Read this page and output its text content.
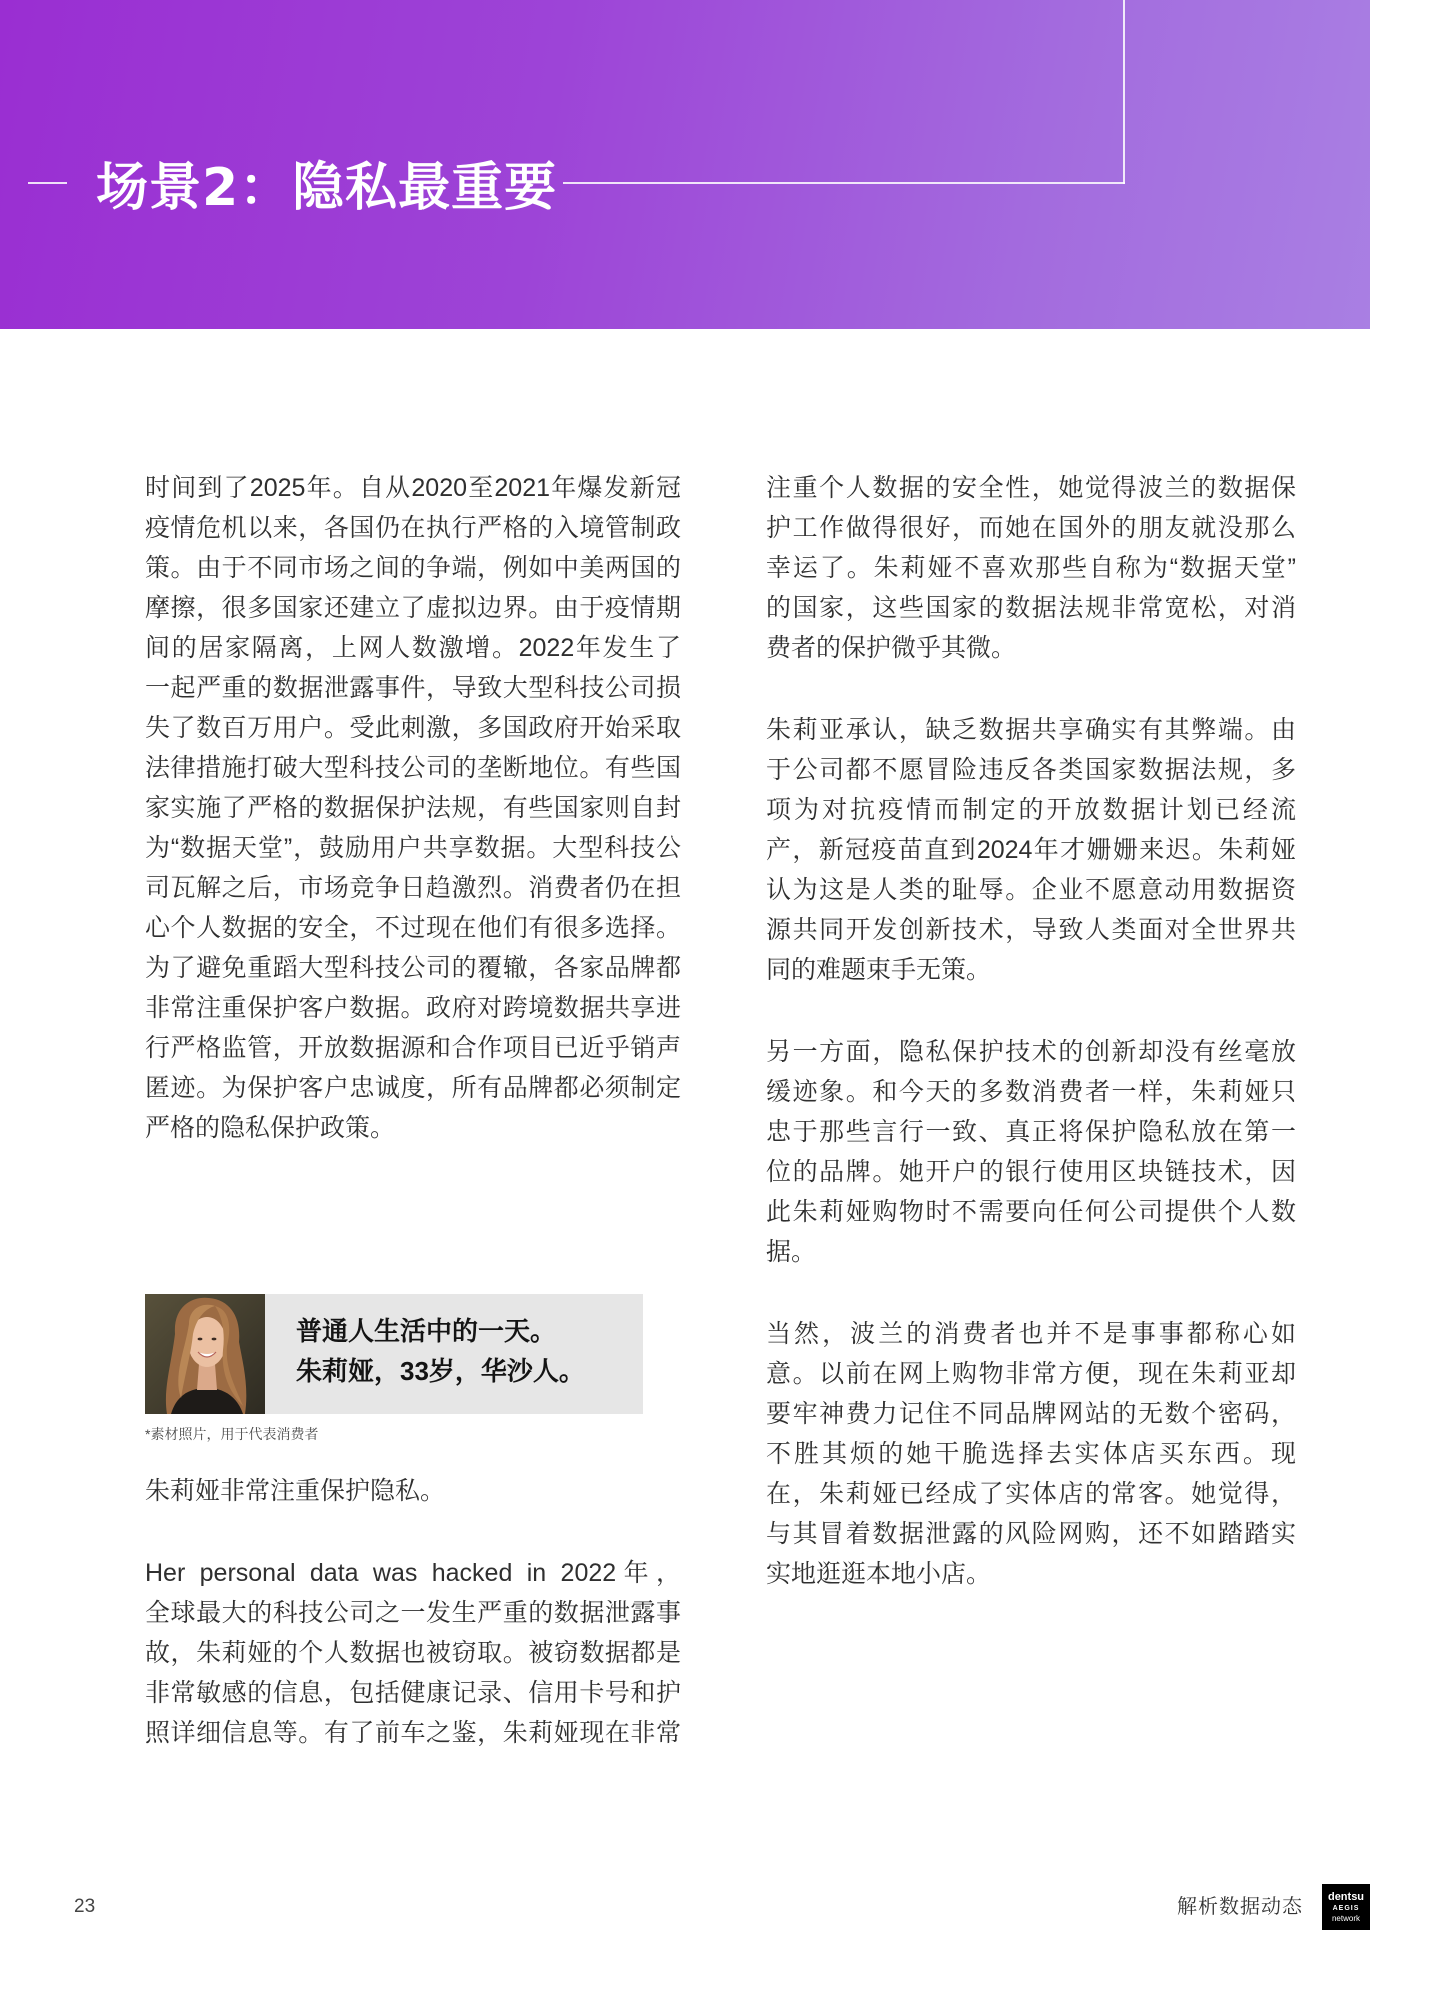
场景2：隐私最重要
时间到了2025年。自从2020至2021年爆发新冠
疫情危机以来，各国仍在执行严格的入境管制政
策。由于不同市场之间的争端，例如中美两国的
摩擦，很多国家还建立了虚拟边界。由于疫情期
间的居家隔离，上网人数激增。2022年发生了
一起严重的数据泄露事件，导致大型科技公司损
失了数百万用户。受此刺激，多国政府开始采取
法律措施打破大型科技公司的垄断地位。有些国
家实施了严格的数据保护法规，有些国家则自封
为“数据天堂”，鼓励用户共享数据。大型科技公
司瓦解之后，市场竞争日趋激烈。消费者仍在担
心个人数据的安全，不过现在他们有很多选择。
为了避免重蹈大型科技公司的覆辙，各家品牌都
非常注重保护客户数据。政府对跨境数据共享进
行严格监管，开放数据源和合作项目已近乎销声
匿迹。为保护客户忠诚度，所有品牌都必须制定
严格的隐私保护政策。
普通人生活中的一天。
朱莉娅，33岁，华沙人。
*素材照片，用于代表消费者
朱莉娅非常注重保护隐私。
Her personal data was hacked in 2022年，
全球最大的科技公司之一发生严重的数据泄露事
故，朱莉娅的个人数据也被窃取。被窃数据都是
非常敏感的信息，包括健康记录、信用卡号和护
照详细信息等。有了前车之鉴，朱莉娅现在非常
注重个人数据的安全性，她觉得波兰的数据保
护工作做得很好，而她在国外的朋友就没那么
幸运了。朱莉娅不喜欢那些自称为“数据天堂”
的国家，这些国家的数据法规非常宽松，对消
费者的保护微乎其微。
朱莉亚承认，缺乏数据共享确实有其弊端。由
于公司都不愿冒险违反各类国家数据法规，多
项为对抗疫情而制定的开放数据计划已经流
产，新冠疫苗直到2024年才姗姗来迟。朱莉娅
认为这是人类的耻辱。企业不愿意动用数据资
源共同开发创新技术，导致人类面对全世界共
同的难题束手无策。
另一方面，隐私保护技术的创新却没有丝毫放
缓迹象。和今天的多数消费者一样，朱莉娅只
忠于那些言行一致、真正将保护隐私放在第一
位的品牌。她开户的银行使用区块链技术，因
此朱莉娅购物时不需要向任何公司提供个人数
据。
当然，波兰的消费者也并不是事事都称心如
意。以前在网上购物非常方便，现在朱莉亚却
要牢神费力记住不同品牌网站的无数个密码，
不胜其烦的她干脆选择去实体店买东西。现
在，朱莉娅已经成了实体店的常客。她觉得，
与其冒着数据泄露的风险网购，还不如踏踏实
实地逛逛本地小店。
23	解析数据动态	dentsu
AEGIS
network
